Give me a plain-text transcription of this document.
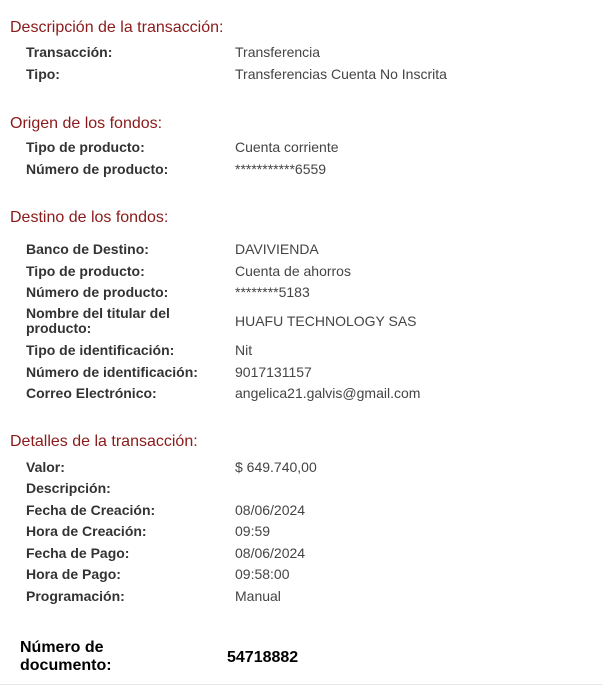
Descripción de la transacción:
Transacción:	Transferencia
Tipo:	Transferencias Cuenta No Inscrita
Origen de los fondos:
Tipo de producto:	Cuenta corriente
Número de producto:	***********6559
Destino de los fondos:
Banco de Destino:	DAVIVIENDA
Tipo de producto:	Cuenta de ahorros
Número de producto:	********5183
Nombre del titular del producto:	HUAFU TECHNOLOGY SAS
Tipo de identificación:	Nit
Número de identificación:	9017131157
Correo Electrónico:	angelica21.galvis@gmail.com
Detalles de la transacción:
Valor:	$ 649.740,00
Descripción:
Fecha de Creación:	08/06/2024
Hora de Creación:	09:59
Fecha de Pago:	08/06/2024
Hora de Pago:	09:58:00
Programación:	Manual
Número de documento:	54718882
